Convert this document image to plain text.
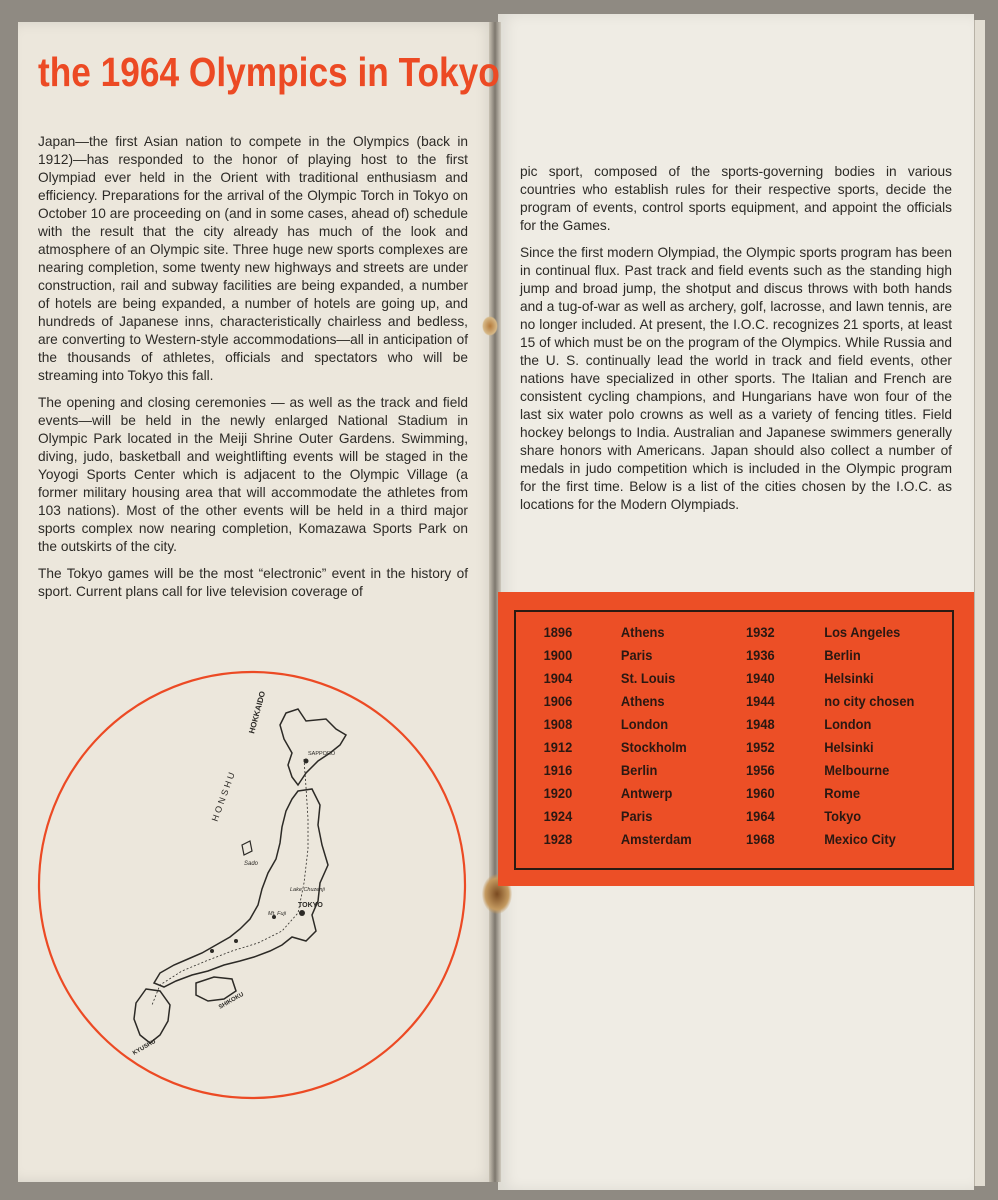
the 1964 Olympics in Tokyo

Japan—the first Asian nation to compete in the Olympics (back in 1912)—has responded to the honor of playing host to the first Olympiad ever held in the Orient with traditional enthusiasm and efficiency. Preparations for the arrival of the Olympic Torch in Tokyo on October 10 are proceeding on (and in some cases, ahead of) schedule with the result that the city already has much of the look and atmosphere of an Olympic site. Three huge new sports complexes are nearing completion, some twenty new highways and streets are under construction, rail and subway facilities are being expanded, a number of hotels are being expanded, a number of hotels are going up, and hundreds of Japanese inns, characteristically chairless and bedless, are converting to Western-style accommodations—all in anticipation of the thousands of athletes, officials and spectators who will be streaming into Tokyo this fall.

The opening and closing ceremonies — as well as the track and field events—will be held in the newly enlarged National Stadium in Olympic Park located in the Meiji Shrine Outer Gardens. Swimming, diving, judo, basketball and weightlifting events will be staged in the Yoyogi Sports Center which is adjacent to the Olympic Village (a former military housing area that will accommodate the athletes from 103 nations). Most of the other events will be held in a third major sports complex now nearing completion, Komazawa Sports Park on the outskirts of the city.

The Tokyo games will be the most “electronic” event in the history of sport. Current plans call for live television coverage of

pic sport, composed of the sports-governing bodies in various countries who establish rules for their respective sports, decide the program of events, control sports equipment, and appoint the officials for the Games.

Since the first modern Olympiad, the Olympic sports program has been in continual flux. Past track and field events such as the standing high jump and broad jump, the shotput and discus throws with both hands and a tug-of-war as well as archery, golf, lacrosse, and lawn tennis, are no longer included. At present, the I.O.C. recognizes 21 sports, at least 15 of which must be on the program of the Olympics. While Russia and the U. S. continually lead the world in track and field events, other nations have specialized in other sports. The Italian and French are consistent cycling champions, and Hungarians have won four of the last six water polo crowns as well as a variety of fencing titles. Field hockey belongs to India. Australian and Japanese swimmers generally share honors with Americans. Japan should also collect a number of medals in judo competition which is included in the Olympic program for the first time. Below is a list of the cities chosen by the I.O.C. as locations for the Modern Olympiads.

HOKKAIDO
SAPPORO
H O N S H U
Sado
Lake Chuzenji
TOKYO
Mt. Fuji
SHIKOKU
KYUSHU
1896	Athens	1932	Los Angeles
1900	Paris	1936	Berlin
1904	St. Louis	1940	Helsinki
1906	Athens	1944	no city chosen
1908	London	1948	London
1912	Stockholm	1952	Helsinki
1916	Berlin	1956	Melbourne
1920	Antwerp	1960	Rome
1924	Paris	1964	Tokyo
1928	Amsterdam	1968	Mexico City
